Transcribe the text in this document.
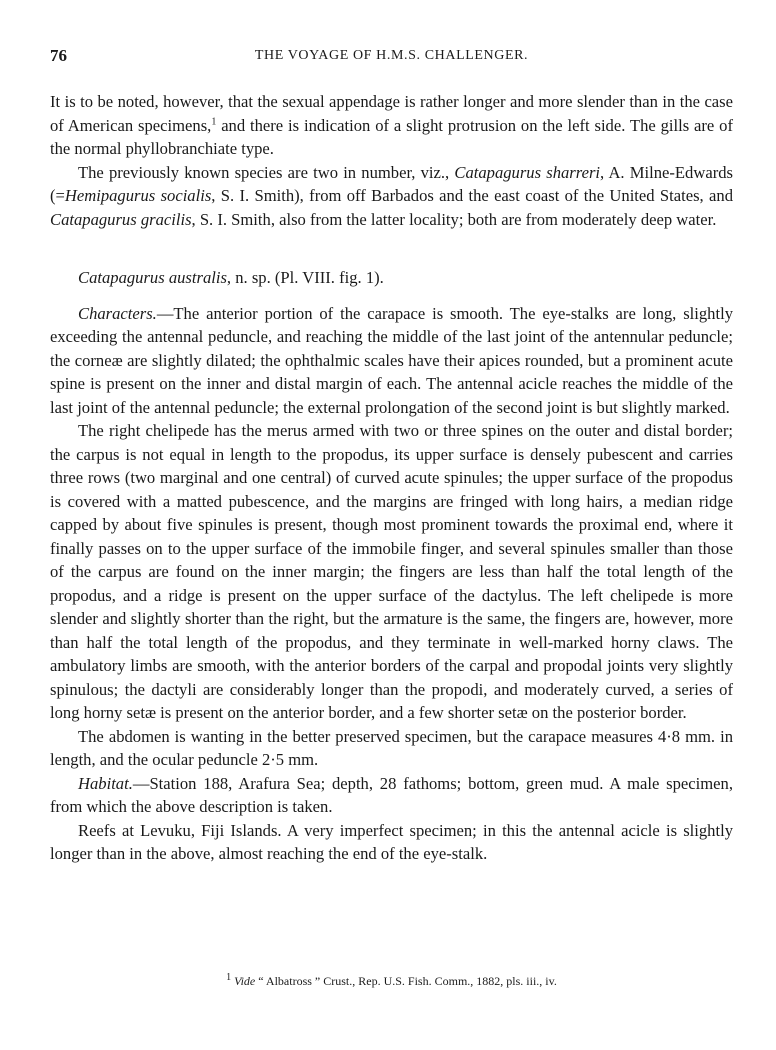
76	THE VOYAGE OF H.M.S. CHALLENGER.

It is to be noted, however, that the sexual appendage is rather longer and more slender than in the case of American specimens,$^1$ and there is indication of a slight protrusion on the left side. The gills are of the normal phyllobranchiate type.

The previously known species are two in number, viz., Catapagurus sharreri, A. Milne-Edwards (=Hemipagurus socialis, S. I. Smith), from off Barbados and the east coast of the United States, and Catapagurus gracilis, S. I. Smith, also from the latter locality; both are from moderately deep water.

Catapagurus australis, n. sp. (Pl. VIII. fig. 1).

Characters.—The anterior portion of the carapace is smooth. The eye-stalks are long, slightly exceeding the antennal peduncle, and reaching the middle of the last joint of the antennular peduncle; the corneæ are slightly dilated; the ophthalmic scales have their apices rounded, but a prominent acute spine is present on the inner and distal margin of each. The antennal acicle reaches the middle of the last joint of the antennal peduncle; the external prolongation of the second joint is but slightly marked.

The right chelipede has the merus armed with two or three spines on the outer and distal border; the carpus is not equal in length to the propodus, its upper surface is densely pubescent and carries three rows (two marginal and one central) of curved acute spinules; the upper surface of the propodus is covered with a matted pubescence, and the margins are fringed with long hairs, a median ridge capped by about five spinules is present, though most prominent towards the proximal end, where it finally passes on to the upper surface of the immobile finger, and several spinules smaller than those of the carpus are found on the inner margin; the fingers are less than half the total length of the propodus, and a ridge is present on the upper surface of the dactylus. The left chelipede is more slender and slightly shorter than the right, but the armature is the same, the fingers are, however, more than half the total length of the propodus, and they terminate in well-marked horny claws. The ambulatory limbs are smooth, with the anterior borders of the carpal and propodal joints very slightly spinulous; the dactyli are considerably longer than the propodi, and moderately curved, a series of long horny setæ is present on the anterior border, and a few shorter setæ on the posterior border.

The abdomen is wanting in the better preserved specimen, but the carapace measures 4·8 mm. in length, and the ocular peduncle 2·5 mm.

Habitat.—Station 188, Arafura Sea; depth, 28 fathoms; bottom, green mud. A male specimen, from which the above description is taken.

Reefs at Levuku, Fiji Islands. A very imperfect specimen; in this the antennal acicle is slightly longer than in the above, almost reaching the end of the eye-stalk.

$^1$ Vide “ Albatross ” Crust., Rep. U.S. Fish. Comm., 1882, pls. iii., iv.
